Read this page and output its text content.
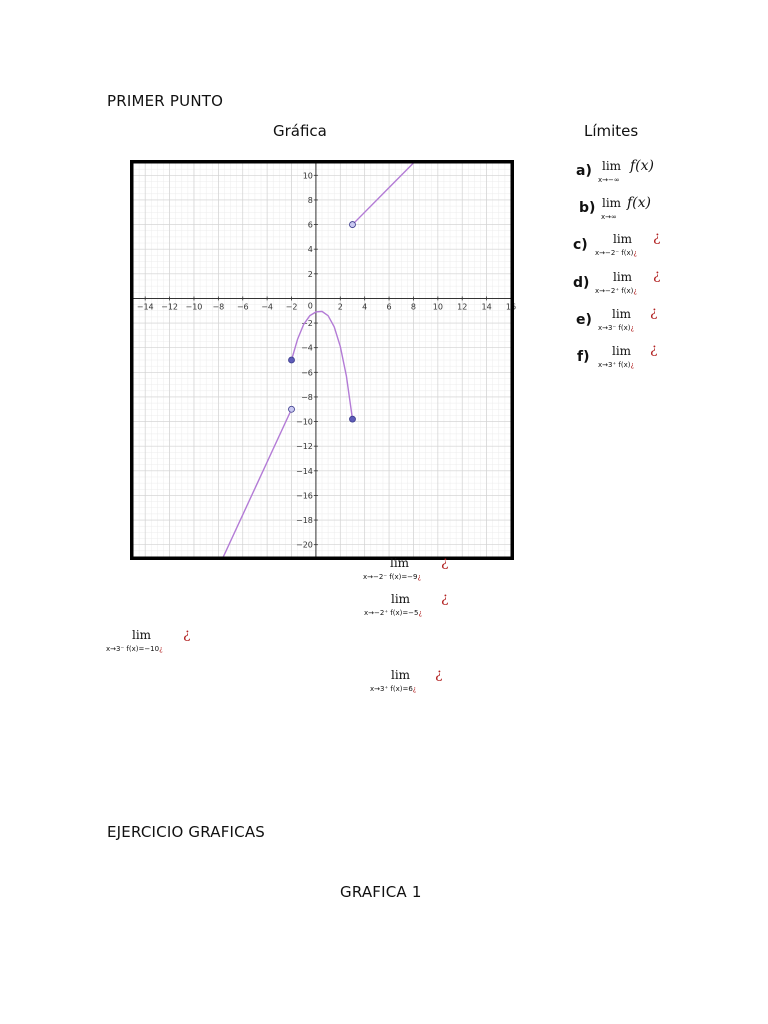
PRIMER PUNTO
Gráfica	Límites
−14 −12 −10 −8 −6 −4 −2	2 4 6 8 10 12 14 16
10
8
6
4
2
−2
−4
−6
−8
−10
−12
−14
−16
−18
−20
0
a) lim
x→−∞
f(x)
b) lim
x→∞
f(x)
c) lim ¿
x→−2⁻ f(x)¿
d) lim ¿
x→−2⁺ f(x)¿
e) lim ¿
x→3⁻ f(x)¿
f) lim ¿
x→3⁺ f(x)¿
lim ¿
x→−2⁻ f(x)=−9¿
lim ¿
x→−2⁺ f(x)=−5¿
lim ¿
x→3⁻ f(x)=−10¿
lim ¿
x→3⁺ f(x)=6¿
EJERCICIO GRAFICAS
GRAFICA 1
